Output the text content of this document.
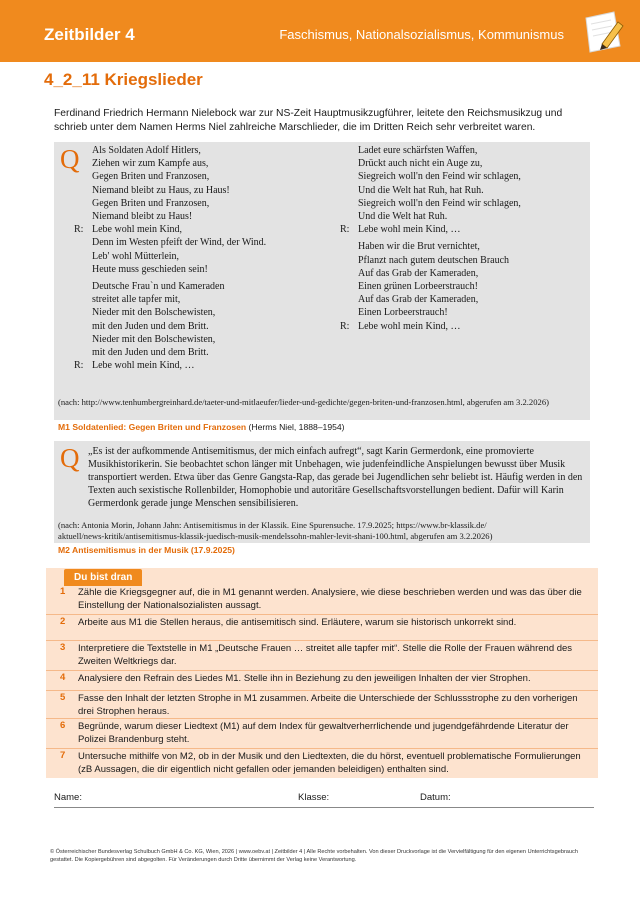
Zeitbilder 4	Faschismus, Nationalsozialismus, Kommunismus
4_2_11 Kriegslieder
Ferdinand Friedrich Hermann Nielebock war zur NS-Zeit Hauptmusikzugführer, leitete den Reichsmusikzug und schrieb unter dem Namen Herms Niel zahlreiche Marschlieder, die im Dritten Reich sehr verbreitet waren.
Q	Als Soldaten Adolf Hitlers,
Ziehen wir zum Kampfe aus,
Gegen Briten und Franzosen,
Niemand bleibt zu Haus, zu Haus!
Gegen Briten und Franzosen,
Niemand bleibt zu Haus!
R: Lebe wohl mein Kind,
Denn im Westen pfeift der Wind, der Wind.
Leb' wohl Mütterlein,
Heute muss geschieden sein!
Deutsche Frau`n und Kameraden
streitet alle tapfer mit,
Nieder mit den Bolschewisten,
mit den Juden und dem Britt.
Nieder mit den Bolschewisten,
mit den Juden und dem Britt.
R: Lebe wohl mein Kind, …
Ladet eure schärfsten Waffen,
Drückt auch nicht ein Auge zu,
Siegreich woll'n den Feind wir schlagen,
Und die Welt hat Ruh, hat Ruh.
Siegreich woll'n den Feind wir schlagen,
Und die Welt hat Ruh.
R: Lebe wohl mein Kind, …
Haben wir die Brut vernichtet,
Pflanzt nach gutem deutschen Brauch
Auf das Grab der Kameraden,
Einen grünen Lorbeerstrauch!
Auf das Grab der Kameraden,
Einen Lorbeerstrauch!
R: Lebe wohl mein Kind, …
(nach: http://www.tenhumbergreinhard.de/taeter-und-mitlaeufer/lieder-und-gedichte/gegen-briten-und-franzosen.html, abgerufen am 3.2.2026)
M1 Soldatenlied: Gegen Briten und Franzosen (Herms Niel, 1888–1954)
Q „Es ist der aufkommende Antisemitismus, der mich einfach aufregt“, sagt Karin Germerdonk, eine promovierte Musikhistorikerin. Sie beobachtet schon länger mit Unbehagen, wie judenfeindliche Anspielungen bewusst über Musik transportiert werden. Etwa über das Genre Gangsta-Rap, das gerade bei Jugendlichen sehr beliebt ist. Häufig werden in den Texten auch sexistische Rollenbilder, Homophobie und autoritäre Gesellschaftsvorstellungen bedient. Dafür will Karin Germerdonk gerade junge Menschen sensibilisieren.
(nach: Antonia Morin, Johann Jahn: Antisemitismus in der Klassik. Eine Spurensuche. 17.9.2025; https://www.br-klassik.de/
aktuell/news-kritik/antisemitismus-klassik-juedisch-musik-mendelssohn-mahler-levit-shani-100.html, abgerufen am 3.2.2026)
M2 Antisemitismus in der Musik (17.9.2025)
Du bist dran
1 Zähle die Kriegsgegner auf, die in M1 genannt werden. Analysiere, wie diese beschrieben werden und was das über die Einstellung der Nationalsozialisten aussagt.
2 Arbeite aus M1 die Stellen heraus, die antisemitisch sind. Erläutere, warum sie historisch unkorrekt sind.
3 Interpretiere die Textstelle in M1 „Deutsche Frauen … streitet alle tapfer mit“. Stelle die Rolle der Frauen während des Zweiten Weltkriegs dar.
4 Analysiere den Refrain des Liedes M1. Stelle ihn in Beziehung zu den jeweiligen Inhalten der vier Strophen.
5 Fasse den Inhalt der letzten Strophe in M1 zusammen. Arbeite die Unterschiede der Schlussstrophe zu den vorherigen drei Strophen heraus.
6 Begründe, warum dieser Liedtext (M1) auf dem Index für gewaltverherrlichende und jugendgefährdende Literatur der Polizei Brandenburg steht.
7 Untersuche mithilfe von M2, ob in der Musik und den Liedtexten, die du hörst, eventuell problematische Formulierungen (zB Aussagen, die dir eigentlich nicht gefallen oder jemanden beleidigen) enthalten sind.
Name:	Klasse:	Datum:
© Österreichischer Bundesverlag Schulbuch GmbH & Co. KG, Wien, 2026 | www.oebv.at | Zeitbilder 4 | Alle Rechte vorbehalten. Von dieser Druckvorlage ist die Vervielfältigung für den eigenen Unterrichtsgebrauch gestattet. Die Kopiergebühren sind abgegolten. Für Veränderungen durch Dritte übernimmt der Verlag keine Verantwortung.
